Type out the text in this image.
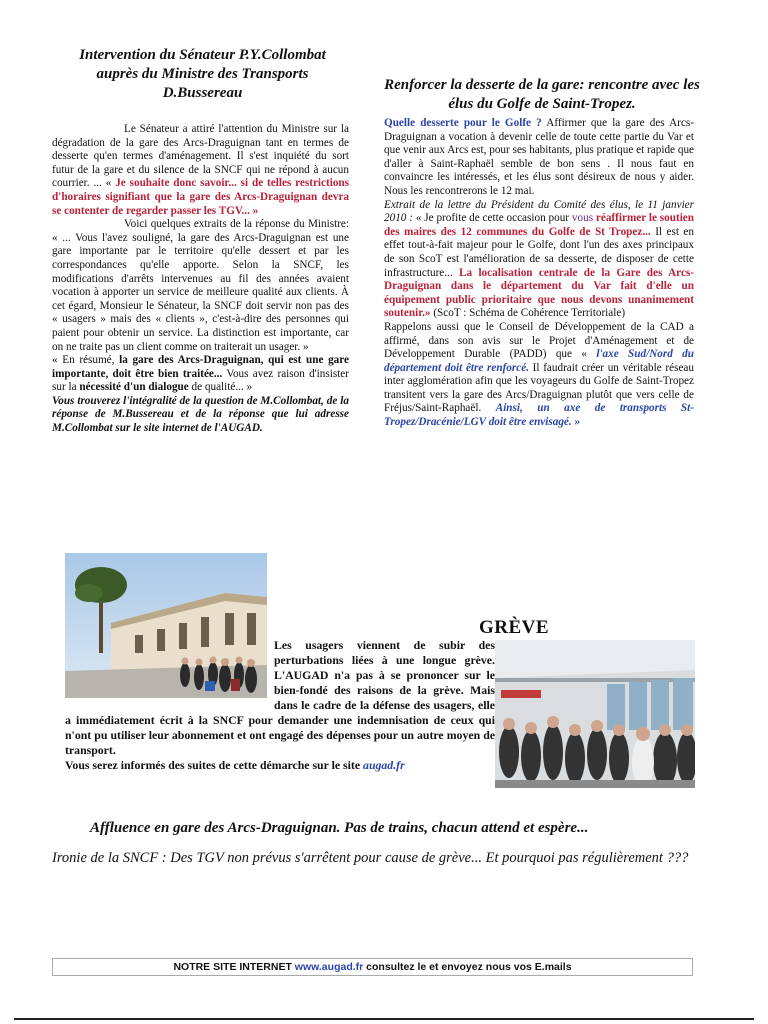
Intervention du Sénateur P.Y.Collombat auprès du Ministre des Transports D.Bussereau

Le Sénateur a attiré l'attention du Ministre sur la dégradation de la gare des Arcs-Draguignan tant en termes de desserte qu'en termes d'aménagement. Il s'est inquiété du sort futur de la gare et du silence de la SNCF qui ne répond à aucun courrier. ... « Je souhaite donc savoir... si de telles restrictions d'horaires signifiant que la gare des Arcs-Draguignan devra se contenter de regarder passer les TGV... »

Voici quelques extraits de la réponse du Ministre: « ... Vous l'avez souligné, la gare des Arcs-Draguignan est une gare importante par le territoire qu'elle dessert et par les correspondances qu'elle apporte. Selon la SNCF, les modifications d'arrêts intervenues au fil des années avaient vocation à apporter un service de meilleure qualité aux clients. À cet égard, Monsieur le Sénateur, la SNCF doit servir non pas des « usagers » mais des « clients », c'est-à-dire des personnes qui paient pour obtenir un service. La distinction est importante, car on ne traite pas un client comme on traiterait un usager. »

« En résumé, la gare des Arcs-Draguignan, qui est une gare importante, doit être bien traitée... Vous avez raison d'insister sur la nécessité d'un dialogue de qualité... »

Vous trouverez l'intégralité de la question de M.Collombat, de la réponse de M.Bussereau et de la réponse que lui adresse M.Collombat sur le site internet de l'AUGAD.

Renforcer la desserte de la gare: rencontre avec les élus du Golfe de Saint-Tropez.

Quelle desserte pour le Golfe ? Affirmer que la gare des Arcs-Draguignan a vocation à devenir celle de toute cette partie du Var et que venir aux Arcs est, pour ses habitants, plus pratique et rapide que d'aller à Saint-Raphaël semble de bon sens . Il nous faut en convaincre les intéressés, et les élus sont désireux de nous y aider. Nous les rencontrerons le 12 mai.

Extrait de la lettre du Président du Comité des élus, le 11 janvier 2010 : « Je profite de cette occasion pour vous réaffirmer le soutien des maires des 12 communes du Golfe de St Tropez... Il est en effet tout-à-fait majeur pour le Golfe, dont l'un des axes principaux de son ScoT est l'amélioration de sa desserte, de disposer de cette infrastructure... La localisation centrale de la Gare des Arcs-Draguignan dans le département du Var fait d'elle un équipement public prioritaire que nous devons unanimement soutenir.» (ScoT : Schéma de Cohérence Territoriale)

Rappelons aussi que le Conseil de Développement de la CAD a affirmé, dans son avis sur le Projet d'Aménagement et de Développement Durable (PADD) que « l'axe Sud/Nord du département doit être renforcé. Il faudrait créer un véritable réseau inter agglomération afin que les voyageurs du Golfe de Saint-Tropez transitent vers la gare des Arcs/Draguignan plutôt que vers celle de Fréjus/Saint-Raphaël. Ainsi, un axe de transports St-Tropez/Dracénie/LGV doit être envisagé. »

GRÈVE
Les usagers viennent de subir des perturbations liées à une longue grève. L'AUGAD n'a pas à se prononcer sur le bien-fondé des raisons de la grève. Mais dans le cadre de la défense des usagers, elle a immédiatement écrit à la SNCF pour demander une indemnisation de ceux qui n'ont pu utiliser leur abonnement et ont engagé des dépenses pour un autre moyen de transport.
Vous serez informés des suites de cette démarche sur le site augad.fr
Affluence en gare des Arcs-Draguignan. Pas de trains, chacun attend et espère...
Ironie de la SNCF : Des TGV non prévus s'arrêtent pour cause de grève... Et pourquoi pas régulièrement ???
NOTRE SITE INTERNET www.augad.fr consultez le et envoyez nous vos E.mails
